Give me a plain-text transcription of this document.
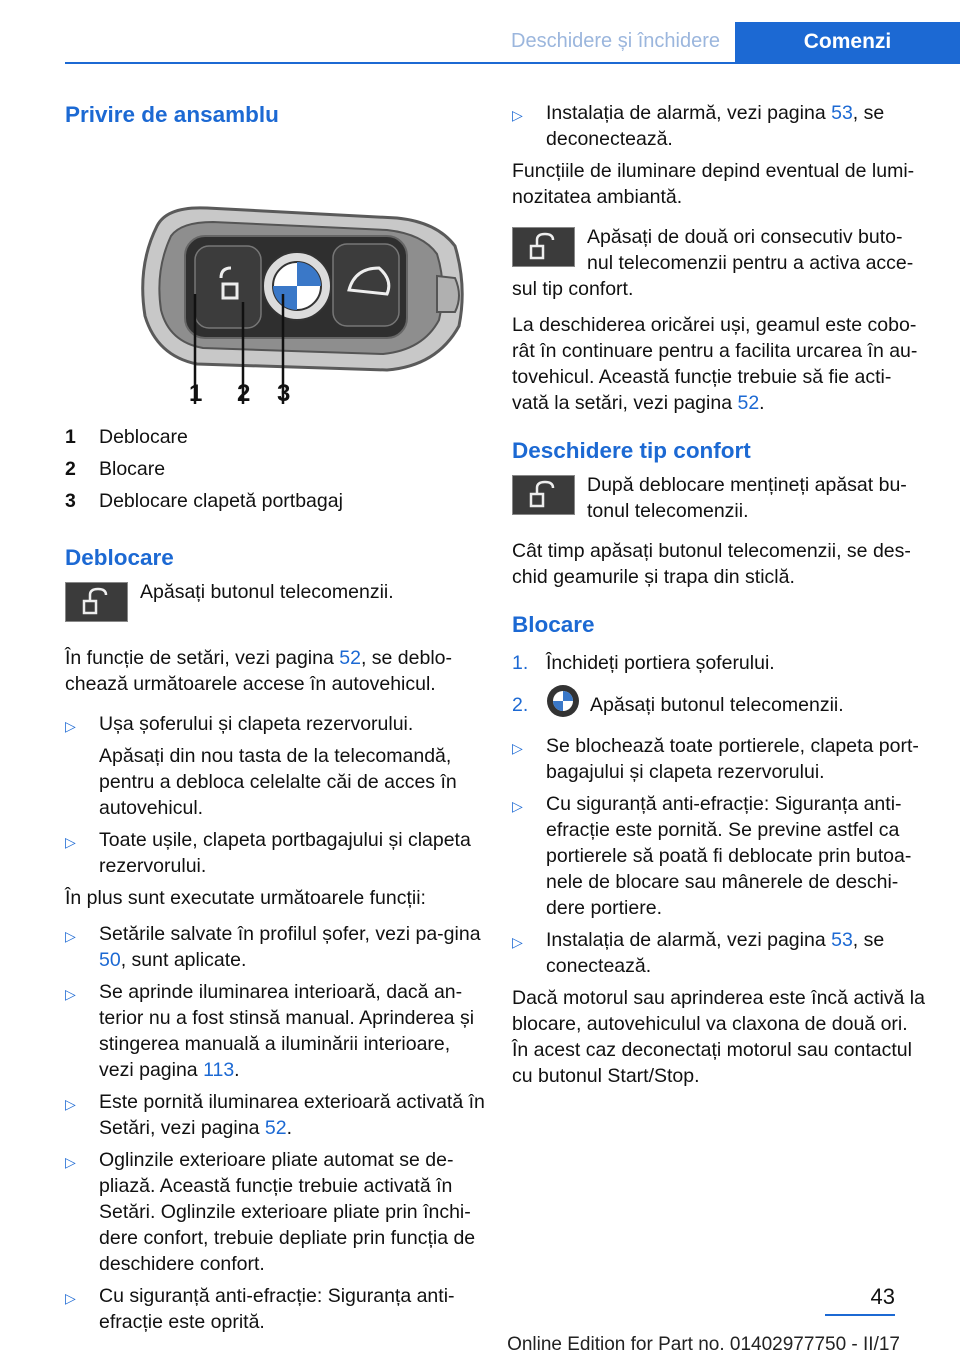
Deschidere și închidere	Comenzi
Privire de ansamblu
1 2 3
1	Deblocare
2	Blocare
3	Deblocare clapetă portbagaj
Deblocare

Apăsați butonul telecomenzii.

În funcție de setări, vezi pagina 52, se deblo‐chează următoarele accese în autovehicul.

▷	Ușa șoferului și clapeta rezervorului.

Apăsați din nou tasta de la telecomandă, pentru a debloca celelalte căi de acces în autovehicul.

▷	Toate ușile, clapeta portbagajului și clapeta rezervorului.

În plus sunt executate următoarele funcții:

▷	Setările salvate în profilul șofer, vezi pa‐gina 50, sunt aplicate.

▷	Se aprinde iluminarea interioară, dacă an‐terior nu a fost stinsă manual. Aprinderea și stingerea manuală a iluminării interioare, vezi pagina 113.

▷	Este pornită iluminarea exterioară activată în Setări, vezi pagina 52.

▷	Oglinzile exterioare pliate automat se de‐pliază. Această funcție trebuie activată în Setări. Oglinzile exterioare pliate prin închi‐dere confort, trebuie depliate prin funcția de deschidere confort.

▷	Cu siguranță anti-efracție: Siguranța anti-efracție este oprită.

▷	Instalația de alarmă, vezi pagina 53, se deconectează.

Funcțiile de iluminare depind eventual de lumi‐nozitatea ambiantă.

Apăsați de două ori consecutiv buto‐nul telecomenzii pentru a activa acce‐sul tip confort.

La deschiderea oricărei uși, geamul este cobo‐rât în continuare pentru a facilita urcarea în au‐tovehicul. Această funcție trebuie să fie acti‐vată la setări, vezi pagina 52.

Deschidere tip confort

După deblocare mențineți apăsat bu‐tonul telecomenzii.

Cât timp apăsați butonul telecomenzii, se des‐chid geamurile și trapa din sticlă.

Blocare
1. Închideți portiera șoferului.
2.	Apăsați butonul telecomenzii.
▷	Se blochează toate portierele, clapeta port‐bagajului și clapeta rezervorului.

▷	Cu siguranță anti-efracție: Siguranța anti-efracție este pornită. Se previne astfel ca portierele să poată fi deblocate prin butoa‐nele de blocare sau mânerele de deschi‐dere portiere.

▷	Instalația de alarmă, vezi pagina 53, se conectează.

Dacă motorul sau aprinderea este încă activă la blocare, autovehiculul va claxona de două ori. În acest caz deconectați motorul sau contactul cu butonul Start/Stop.

43
Online Edition for Part no. 01402977750 - II/17
